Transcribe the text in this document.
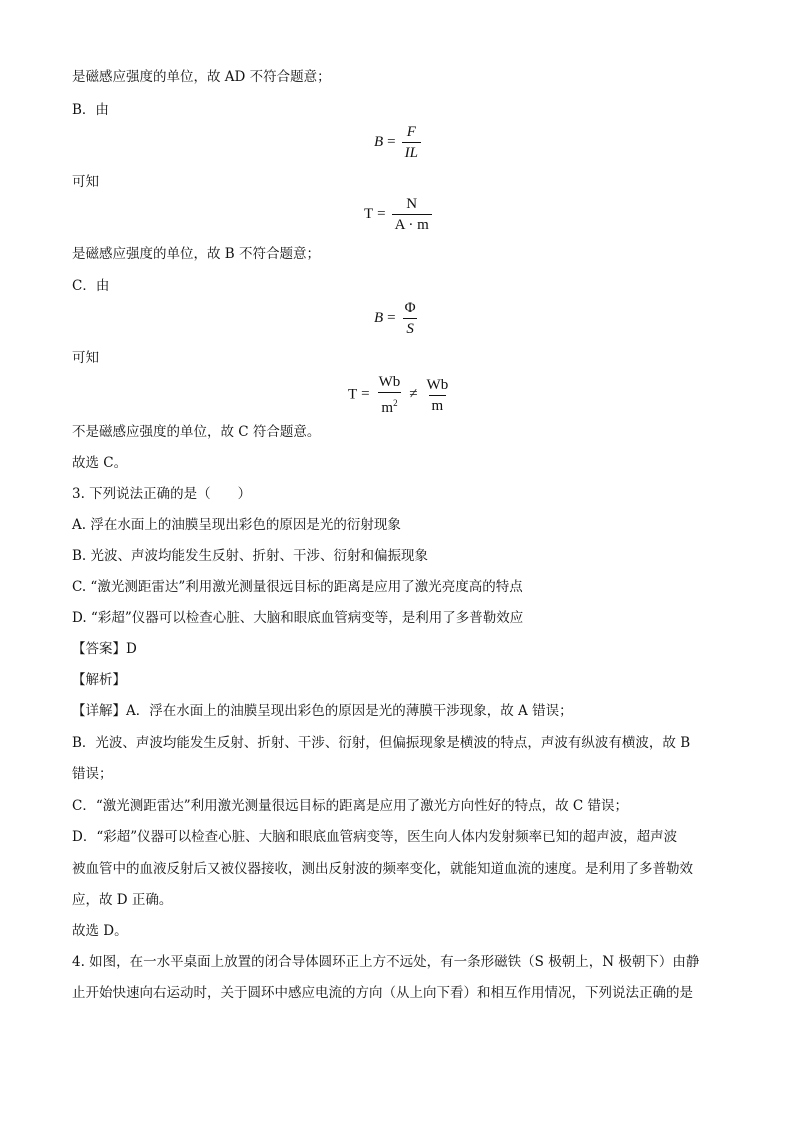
是磁感应强度的单位，故 AD 不符合题意；
B．由
$B = \frac{F}{IL}$
可知
$T = \frac{N}{A \cdot m}$
是磁感应强度的单位，故 B 不符合题意；
C．由
$B = \frac{\Phi}{S}$
可知
$T = \frac{Wb}{m^2} \ne \frac{Wb}{m}$
不是磁感应强度的单位，故 C 符合题意。
故选 C。
3. 下列说法正确的是（　　）
A. 浮在水面上的油膜呈现出彩色的原因是光的衍射现象
B. 光波、声波均能发生反射、折射、干涉、衍射和偏振现象
C. “激光测距雷达”利用激光测量很远目标的距离是应用了激光亮度高的特点
D. “彩超”仪器可以检查心脏、大脑和眼底血管病变等，是利用了多普勒效应
【答案】D
【解析】
【详解】A．浮在水面上的油膜呈现出彩色的原因是光的薄膜干涉现象，故 A 错误；
B．光波、声波均能发生反射、折射、干涉、衍射，但偏振现象是横波的特点，声波有纵波有横波，故 B
错误；
C．“激光测距雷达”利用激光测量很远目标的距离是应用了激光方向性好的特点，故 C 错误；
D．“彩超”仪器可以检查心脏、大脑和眼底血管病变等，医生向人体内发射频率已知的超声波，超声波
被血管中的血液反射后又被仪器接收，测出反射波的频率变化，就能知道血流的速度。是利用了多普勒效
应，故 D 正确。
故选 D。
4. 如图，在一水平桌面上放置的闭合导体圆环正上方不远处，有一条形磁铁（S 极朝上，N 极朝下）由静
止开始快速向右运动时，关于圆环中感应电流的方向（从上向下看）和相互作用情况，下列说法正确的是
